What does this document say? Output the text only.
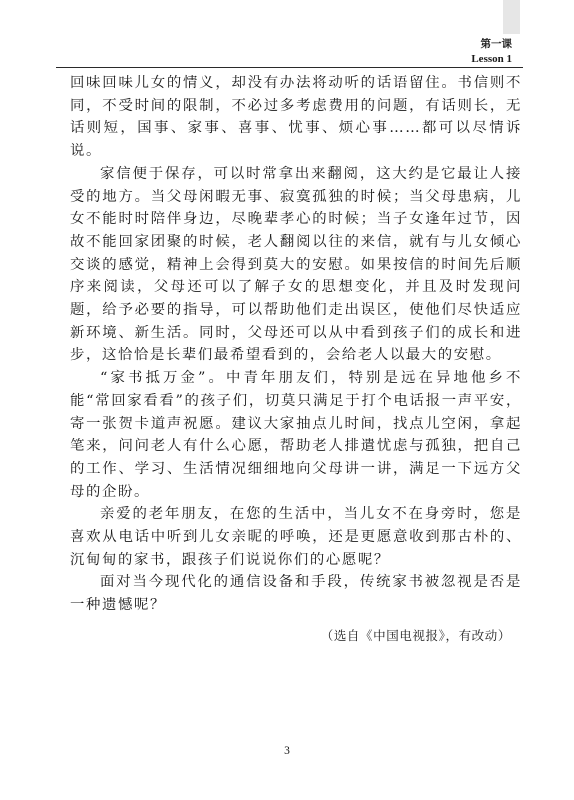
第一课
Lesson 1

回味回味儿女的情义，却没有办法将动听的话语留住。书信则不同，不受时间的限制，不必过多考虑费用的问题，有话则长，无话则短，国事、家事、喜事、忧事、烦心事……都可以尽情诉说。

家信便于保存，可以时常拿出来翻阅，这大约是它最让人接受的地方。当父母闲暇无事、寂寞孤独的时候；当父母患病，儿女不能时时陪伴身边，尽晚辈孝心的时候；当子女逢年过节，因故不能回家团聚的时候，老人翻阅以往的来信，就有与儿女倾心交谈的感觉，精神上会得到莫大的安慰。如果按信的时间先后顺序来阅读，父母还可以了解子女的思想变化，并且及时发现问题，给予必要的指导，可以帮助他们走出误区，使他们尽快适应新环境、新生活。同时，父母还可以从中看到孩子们的成长和进步，这恰恰是长辈们最希望看到的，会给老人以最大的安慰。

“家书抵万金”。中青年朋友们，特别是远在异地他乡不能“常回家看看”的孩子们，切莫只满足于打个电话报一声平安，寄一张贺卡道声祝愿。建议大家抽点儿时间，找点儿空闲，拿起笔来，问问老人有什么心愿，帮助老人排遣忧虑与孤独，把自己的工作、学习、生活情况细细地向父母讲一讲，满足一下远方父母的企盼。

亲爱的老年朋友，在您的生活中，当儿女不在身旁时，您是喜欢从电话中听到儿女亲昵的呼唤，还是更愿意收到那古朴的、沉甸甸的家书，跟孩子们说说你们的心愿呢？

面对当今现代化的通信设备和手段，传统家书被忽视是否是一种遗憾呢？

（选自《中国电视报》，有改动）
3
